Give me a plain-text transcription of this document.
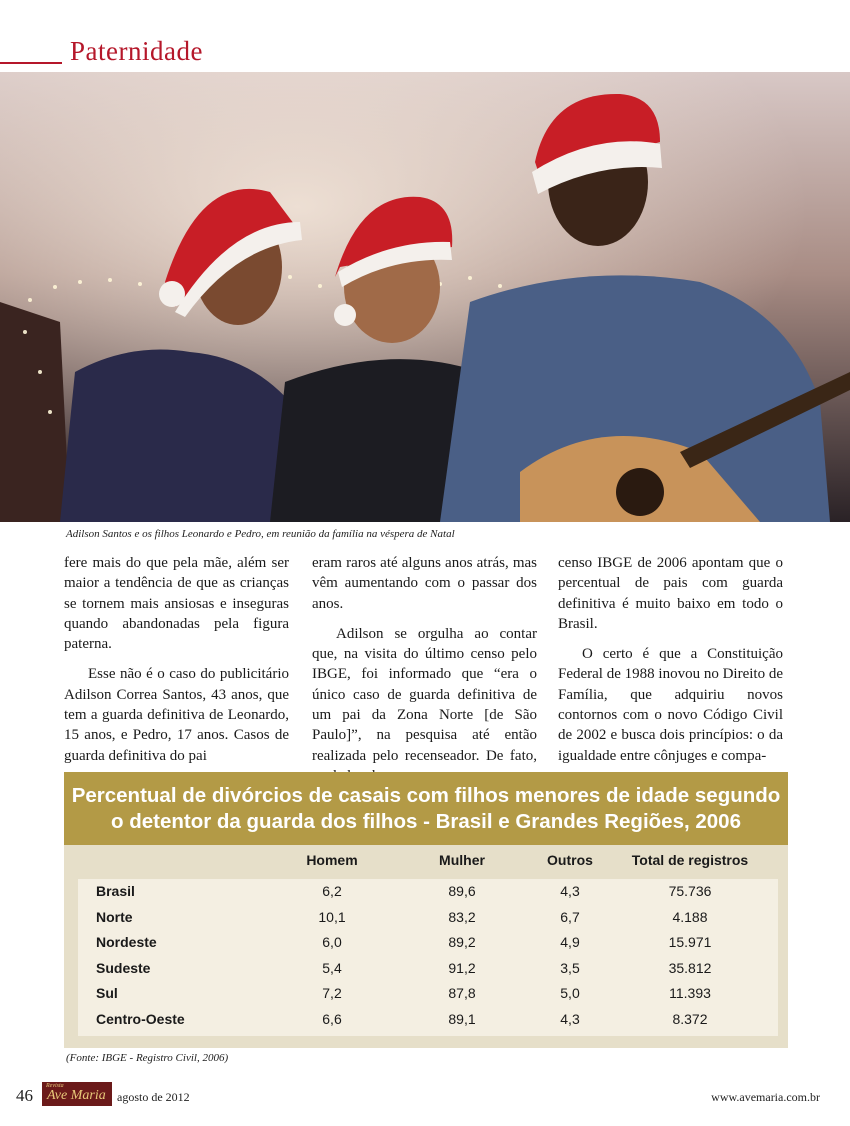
Paternidade
Adilson Santos e os filhos Leonardo e Pedro, em reunião da família na véspera de Natal

fere mais do que pela mãe, além ser maior a tendência de que as crianças se tornem mais ansiosas e inseguras quando abandonadas pela figura paterna.

Esse não é o caso do publicitário Adilson Correa Santos, 43 anos, que tem a guarda definitiva de Leonardo, 15 anos, e Pedro, 17 anos. Casos de guarda definitiva do pai

eram raros até alguns anos atrás, mas vêm aumentando com o passar dos anos.

Adilson se orgulha ao contar que, na visita do último censo pelo IBGE, foi informado que “era o único caso de guarda definitiva de um pai da Zona Norte [de São Paulo]”, na pesquisa até então realizada pelo recenseador. De fato,

censo IBGE de 2006 apontam que o percentual de pais com guarda definitiva é muito baixo em todo o Brasil.

O certo é que a Constituição Federal de 1988 inovou no Direito de Família, que adquiriu novos contornos com o novo Código Civil de 2002 e busca dois princípios: o da igualdade entre cônjuges e compa-

Percentual de divórcios de casais com filhos menores de idade segundo
o detentor da guarda dos filhos - Brasil e Grandes Regiões, 2006
Homem	Mulher	Outros	Total de registros
Brasil	6,2	89,6	4,3	75.736
Norte	10,1	83,2	6,7	4.188
Nordeste	6,0	89,2	4,9	15.971
Sudeste	5,4	91,2	3,5	35.812
Sul	7,2	87,8	5,0	11.393
Centro-Oeste	6,6	89,1	4,3	8.372
(Fonte: IBGE - Registro Civil, 2006)
46 Revista
Ave Maria agosto de 2012	www.avemaria.com.br
